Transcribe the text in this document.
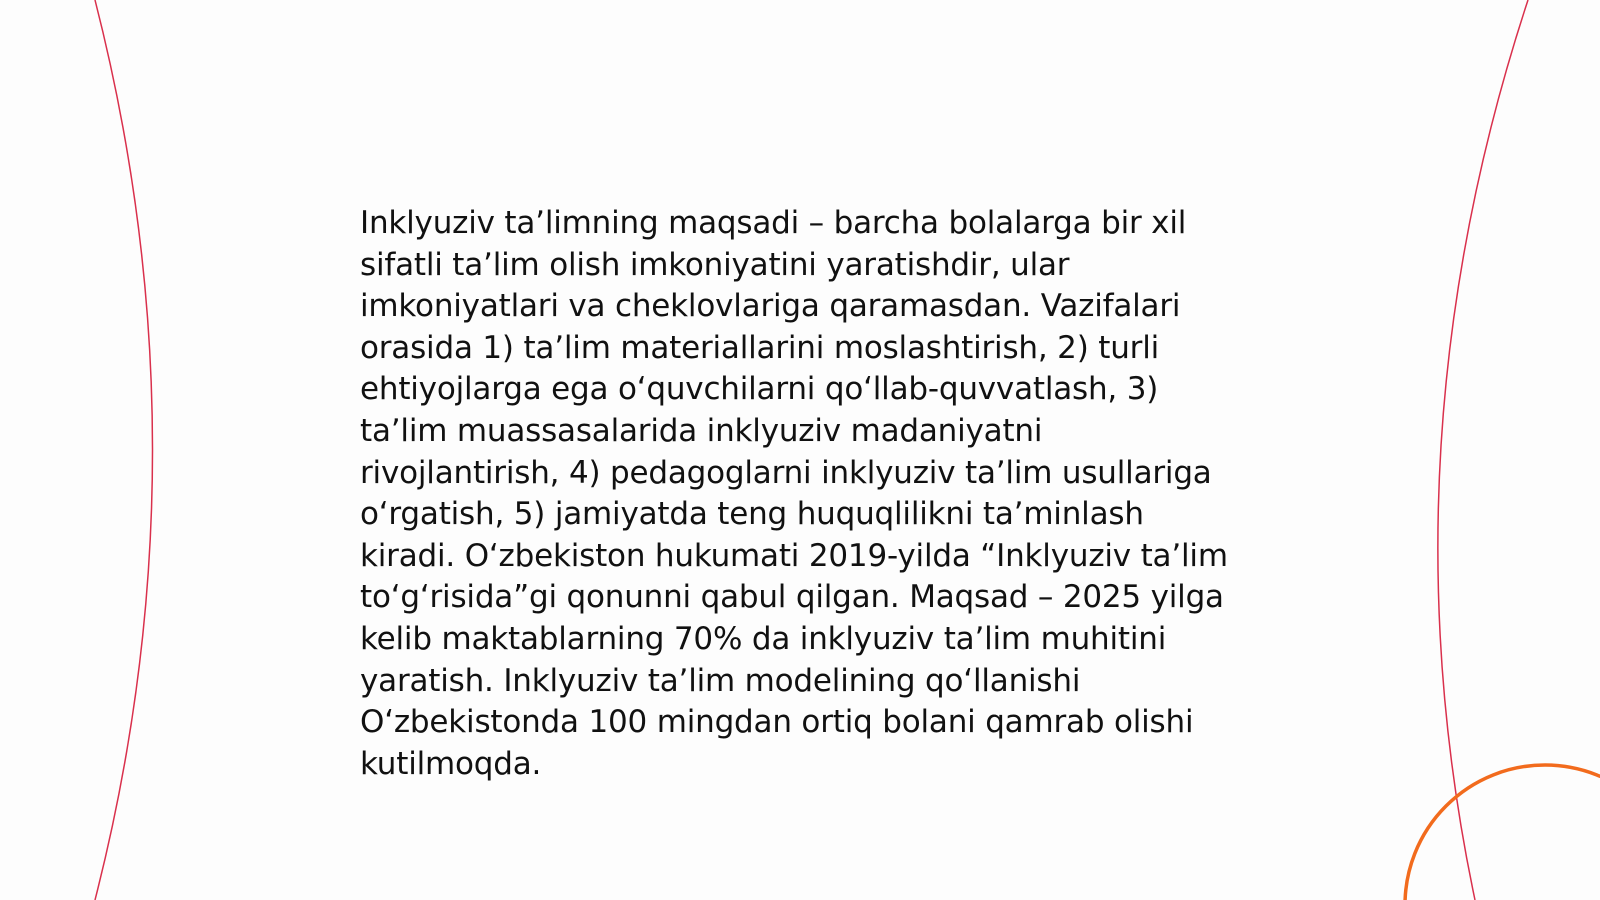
Inklyuziv ta’limning maqsadi – barcha bolalarga bir xil sifatli ta’lim olish imkoniyatini yaratishdir, ular imkoniyatlari va cheklovlariga qaramasdan. Vazifalari orasida 1) ta’lim materiallarini moslashtirish, 2) turli ehtiyojlarga ega o‘quvchilarni qo‘llab-quvvatlash, 3) ta’lim muassasalarida inklyuziv madaniyatni rivojlantirish, 4) pedagoglarni inklyuziv ta’lim usullariga o‘rgatish, 5) jamiyatda teng huquqlilikni ta’minlash kiradi. O‘zbekiston hukumati 2019-yilda “Inklyuziv ta’lim to‘g‘risida”gi qonunni qabul qilgan. Maqsad – 2025 yilga kelib maktablarning 70% da inklyuziv ta’lim muhitini yaratish. Inklyuziv ta’lim modelining qo‘llanishi O‘zbekistonda 100 mingdan ortiq bolani qamrab olishi kutilmoqda.
